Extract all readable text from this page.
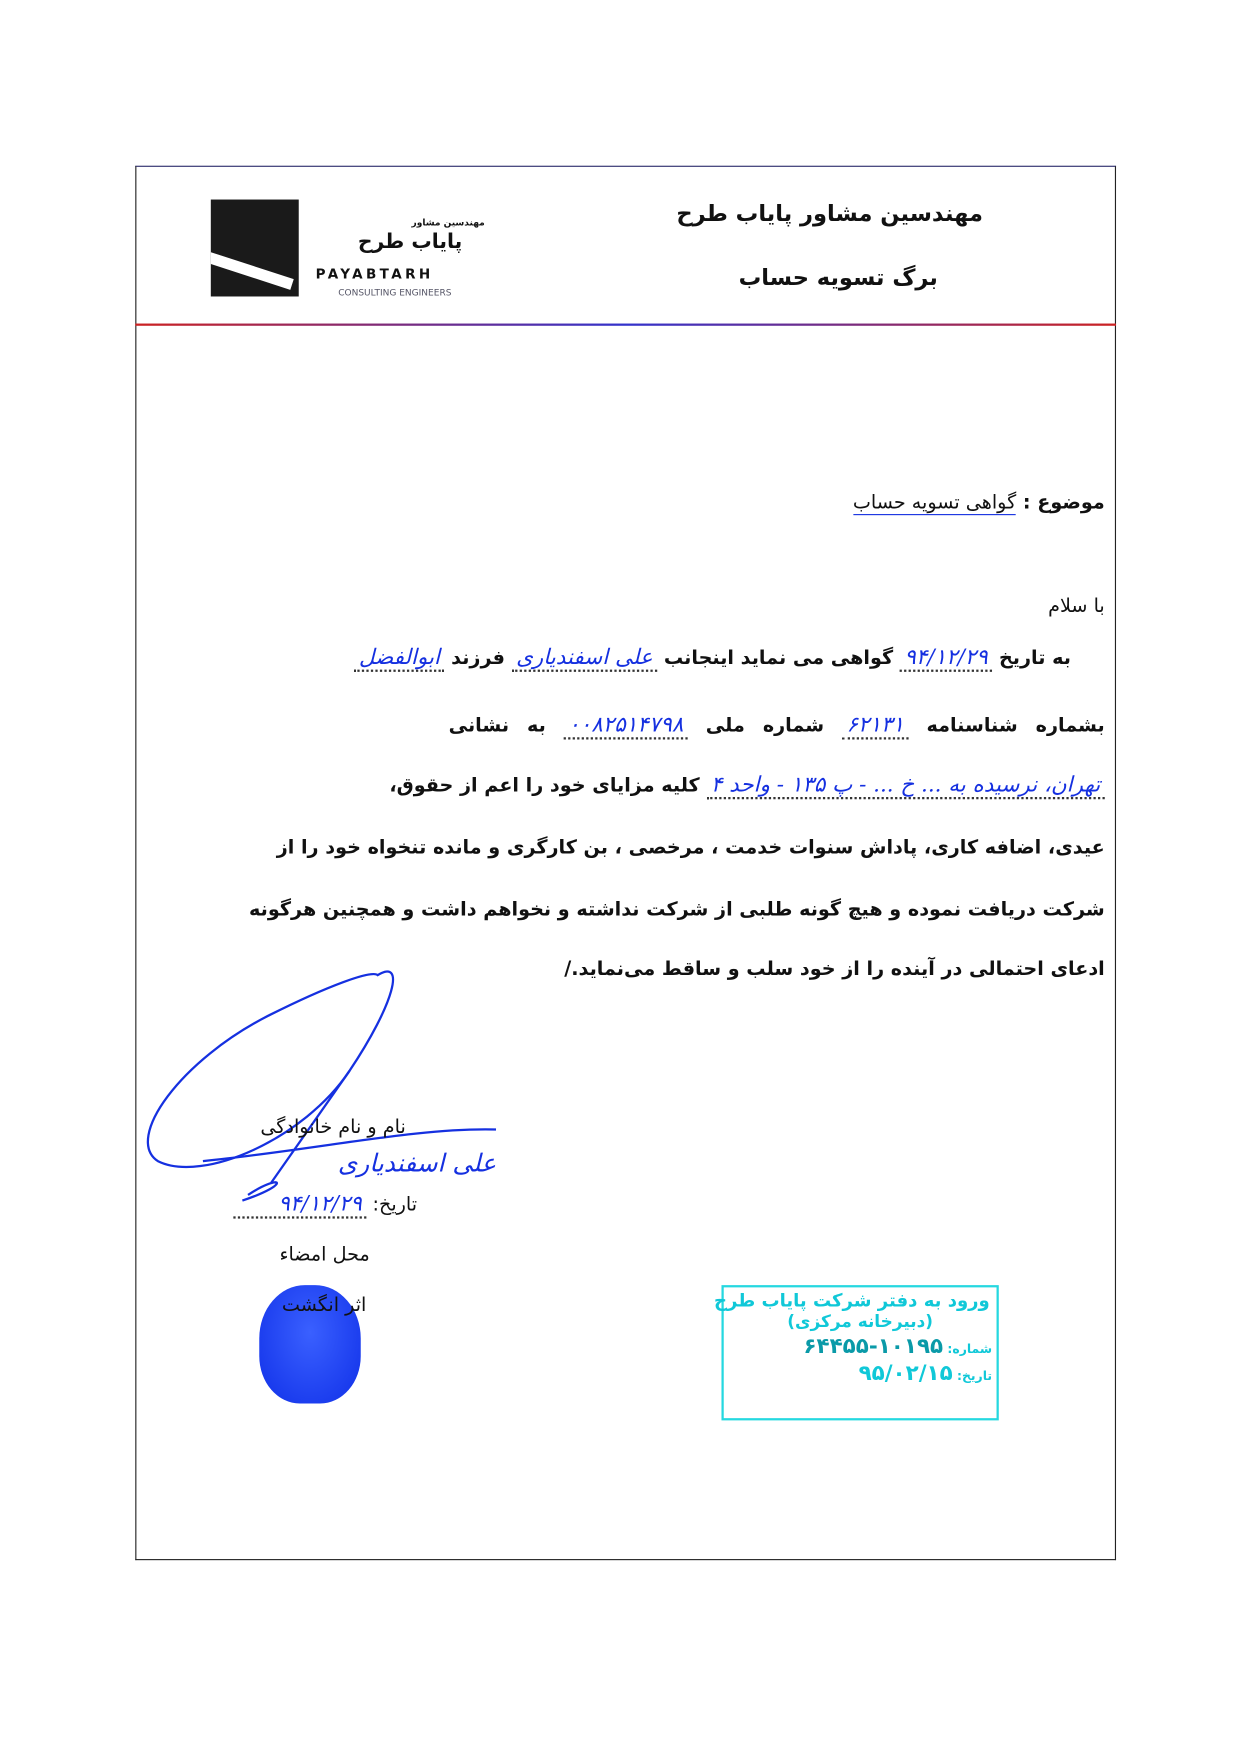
مهندسین مشاور
پایاب طرح
PAYABTARH
CONSULTING ENGINEERS
مهندسین مشاور پایاب طرح
برگ تسویه حساب
موضوع : گواهی تسویه حساب
با سلام
به تاریخ ۹۴/۱۲/۲۹ گواهی می نماید اینجانب علی اسفندیاری فرزند ابوالفضل
بشماره شناسنامه ۶۲۱۳۱ شماره ملی ۰۰۸۲۵۱۴۷۹۸ به نشانی
تهران، نرسیده به ... خ ... - پ ۱۳۵ - واحد ۴ کلیه مزایای خود را اعم از حقوق،
عیدی، اضافه کاری، پاداش سنوات خدمت ، مرخصی ، بن کارگری و مانده تنخواه خود را از
شرکت دریافت نموده و هیچ گونه طلبی از شرکت نداشته و نخواهم داشت و همچنین هرگونه
ادعای احتمالی در آینده را از خود سلب و ساقط می‌نماید./
نام و نام خانوادگی
علی اسفندیاری
تاریخ: ۹۴/۱۲/۲۹
محل امضاء
اثر انگشت	ورود به دفتر شرکت پایاب طرح
(دبیرخانه مرکزی)
شماره: ۱۰۱۹۵-۶۴۴۵۵
تاریخ: ۹۵/۰۲/۱۵
